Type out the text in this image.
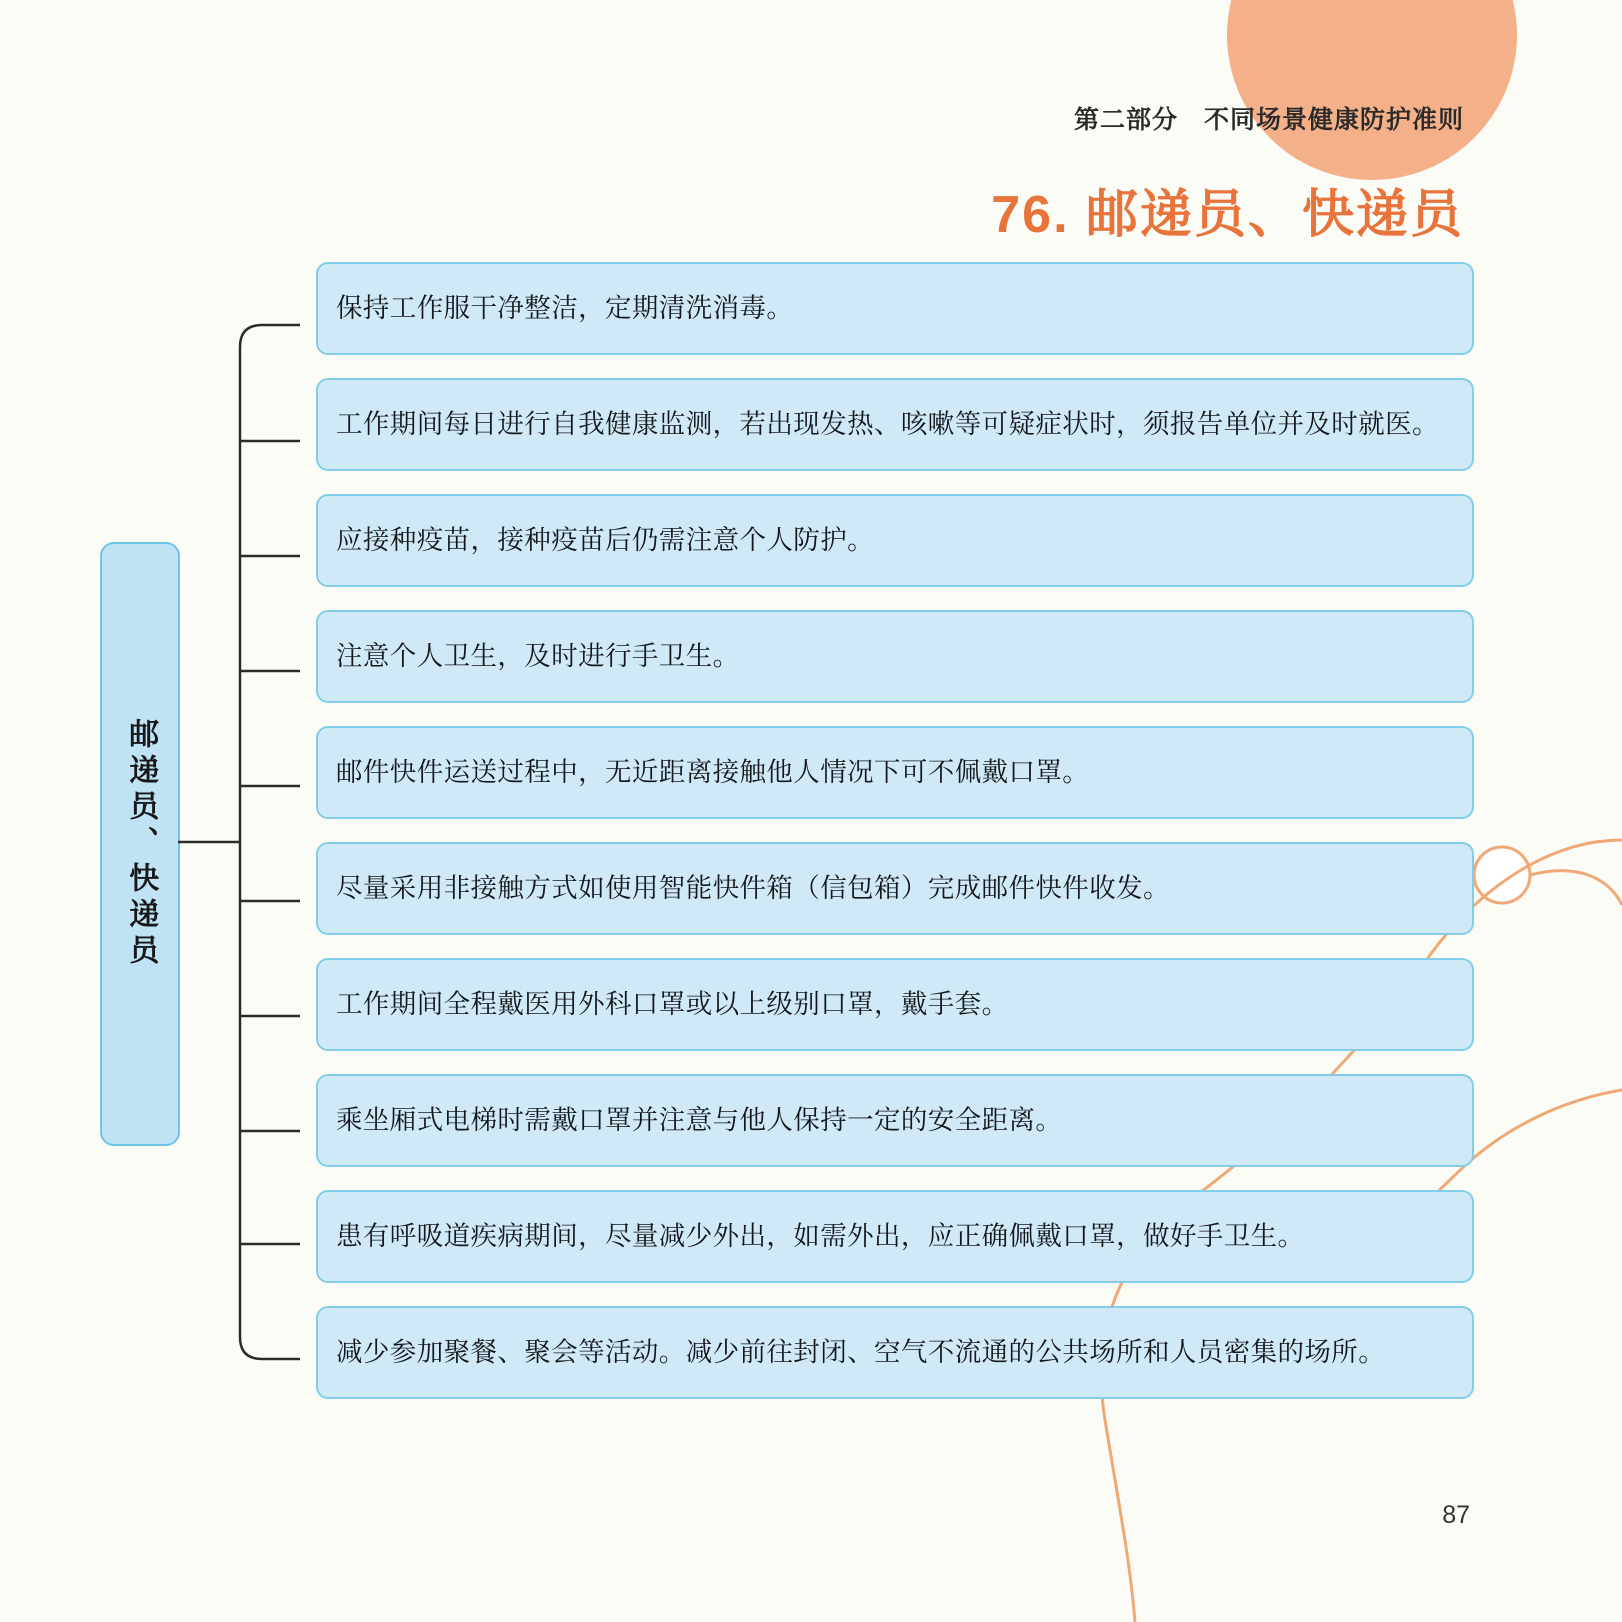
第二部分 不同场景健康防护准则
76. 邮递员、快递员
邮递员、快递员
保持工作服干净整洁，定期清洗消毒。
工作期间每日进行自我健康监测，若出现发热、咳嗽等可疑症状时，须报告单位并及时就医。
应接种疫苗，接种疫苗后仍需注意个人防护。
注意个人卫生，及时进行手卫生。
邮件快件运送过程中，无近距离接触他人情况下可不佩戴口罩。
尽量采用非接触方式如使用智能快件箱（信包箱）完成邮件快件收发。
工作期间全程戴医用外科口罩或以上级别口罩，戴手套。
乘坐厢式电梯时需戴口罩并注意与他人保持一定的安全距离。
患有呼吸道疾病期间，尽量减少外出，如需外出，应正确佩戴口罩，做好手卫生。
减少参加聚餐、聚会等活动。减少前往封闭、空气不流通的公共场所和人员密集的场所。
87
